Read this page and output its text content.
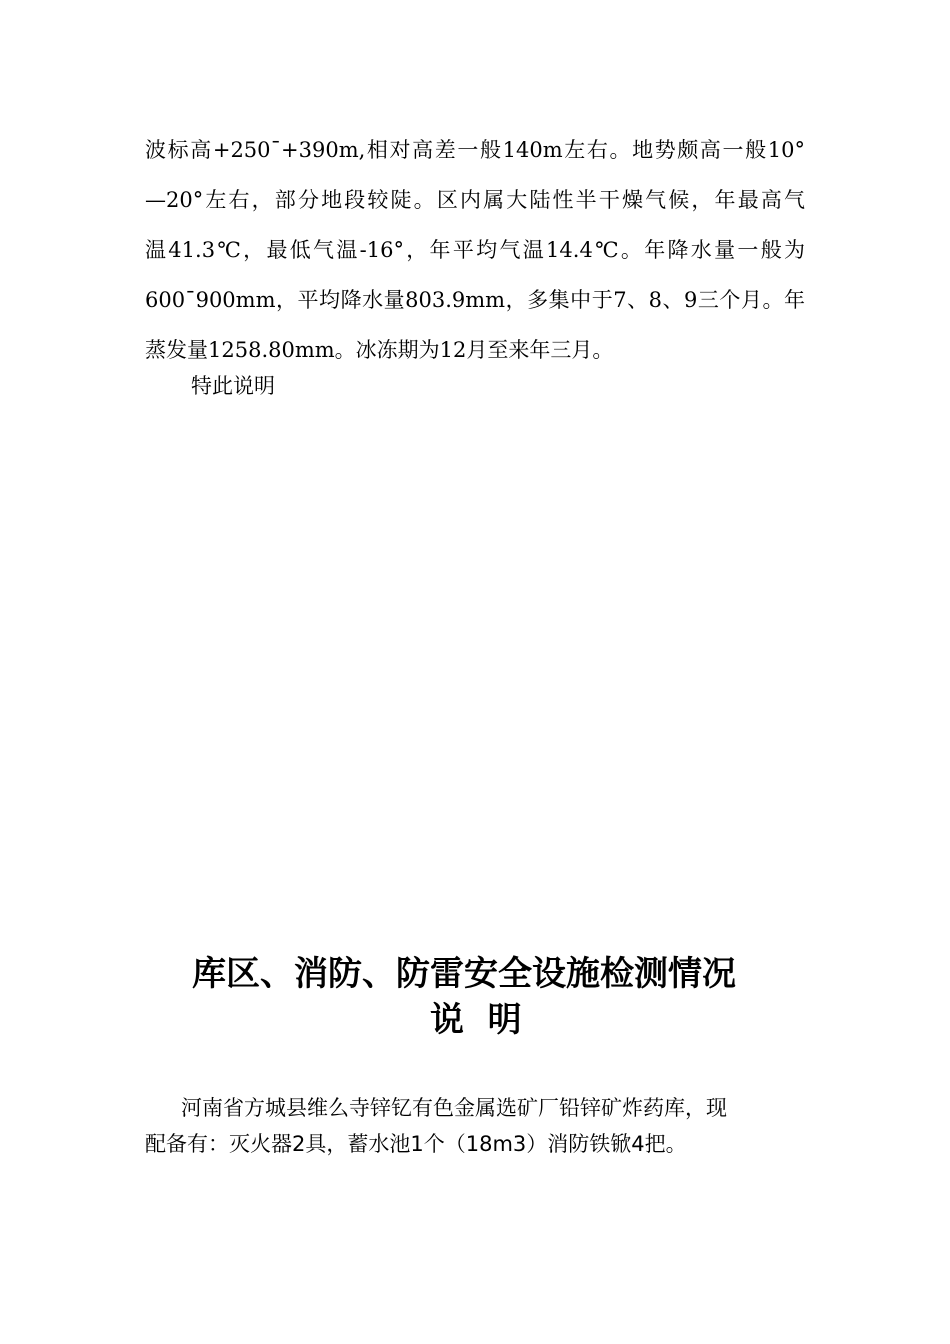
波标高+250ˉ+390m,相对高差一般140m左右。地势颇高一般10°
—20°左右，部分地段较陡。区内属大陆性半干燥气候，年最高气
温41.3℃，最低气温-16°，年平均气温14.4℃。年降水量一般为
600ˉ900mm，平均降水量803.9mm，多集中于7、8、9三个月。年
蒸发量1258.80mm。冰冻期为12月至来年三月。
特此说明
库区、消防、防雷安全设施检测情况
说  明
河南省方城县维么寺锌钇有色金属选矿厂铅锌矿炸药库，现
配备有：灭火器2具，蓄水池1个（18m3）消防铁锨4把。
